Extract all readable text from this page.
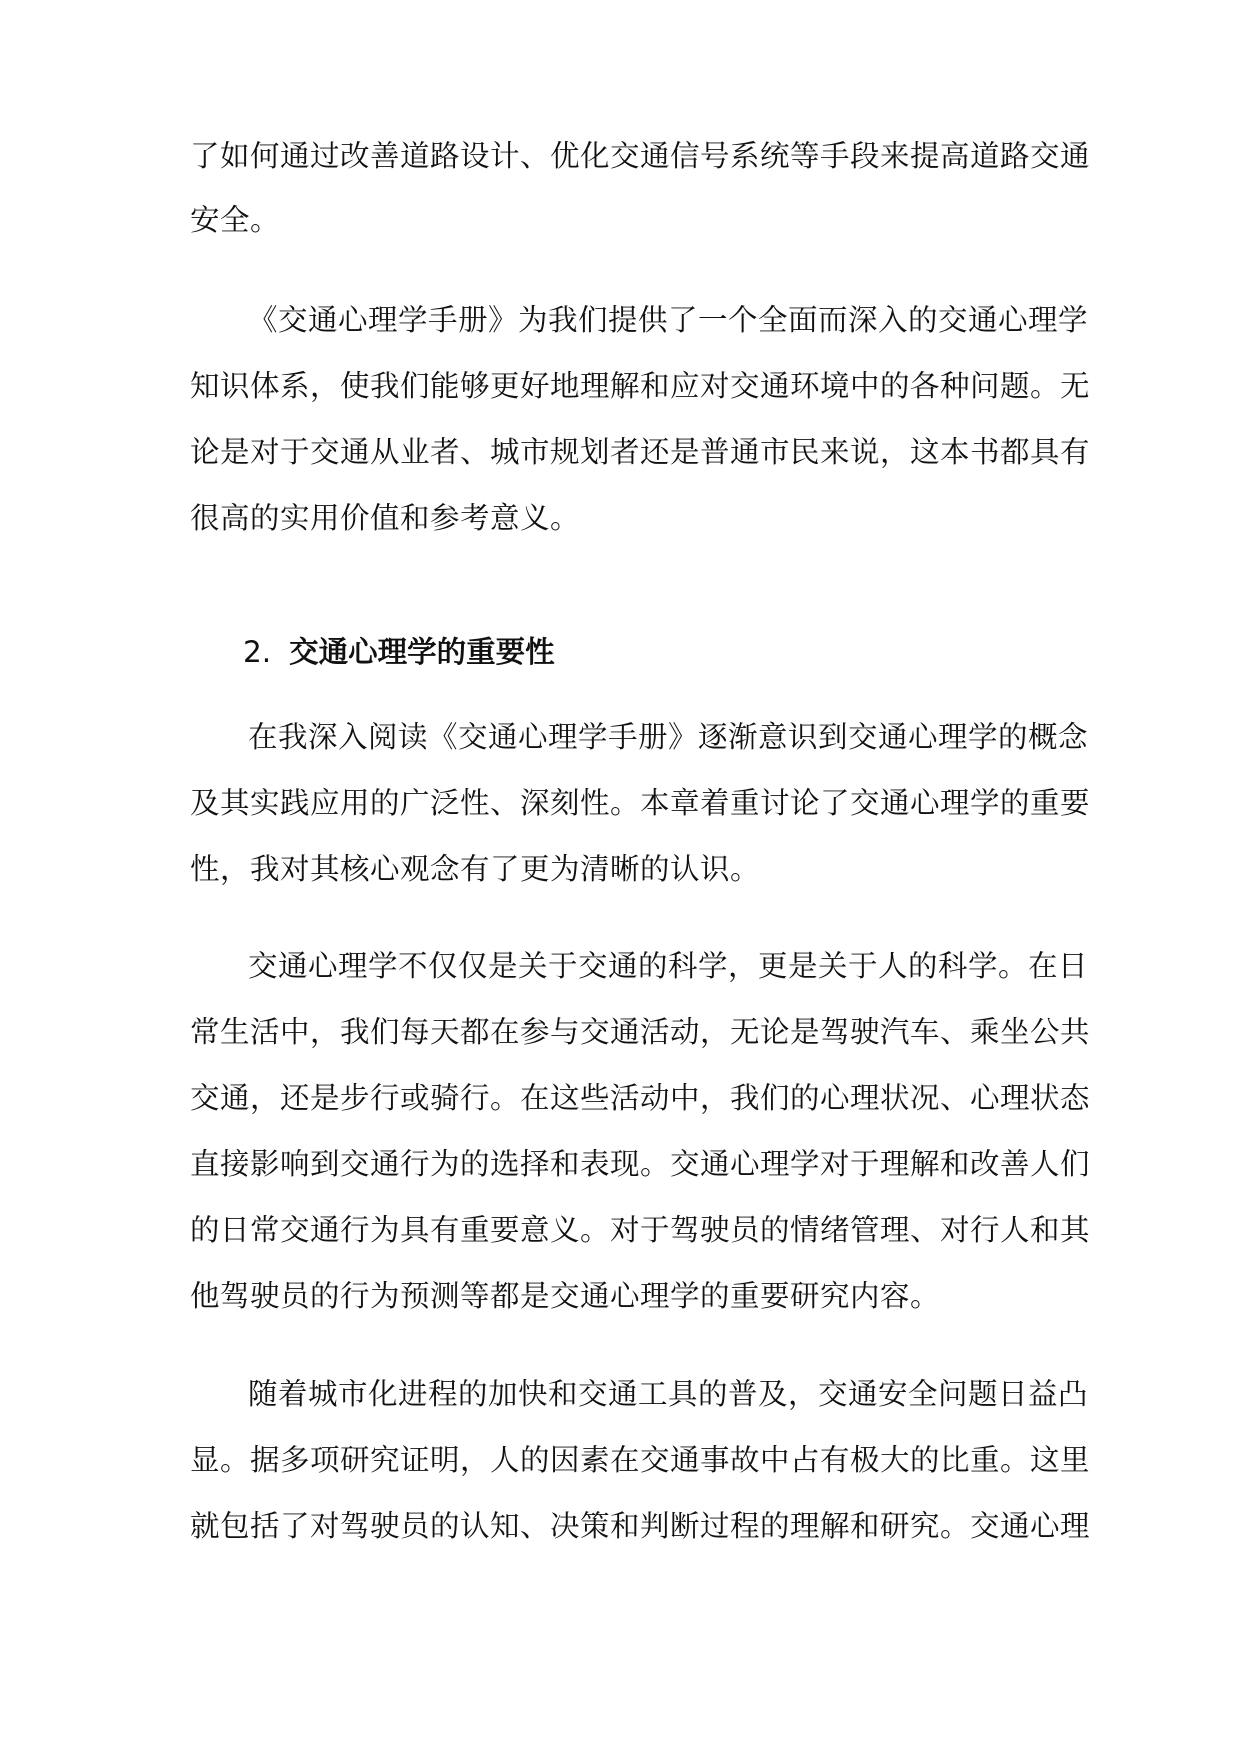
了如何通过改善道路设计、优化交通信号系统等手段来提高道路交通
安全。
《交通心理学手册》为我们提供了一个全面而深入的交通心理学
知识体系，使我们能够更好地理解和应对交通环境中的各种问题。无
论是对于交通从业者、城市规划者还是普通市民来说，这本书都具有
很高的实用价值和参考意义。
2. 交通心理学的重要性
在我深入阅读《交通心理学手册》逐渐意识到交通心理学的概念
及其实践应用的广泛性、深刻性。本章着重讨论了交通心理学的重要
性，我对其核心观念有了更为清晰的认识。
交通心理学不仅仅是关于交通的科学，更是关于人的科学。在日
常生活中，我们每天都在参与交通活动，无论是驾驶汽车、乘坐公共
交通，还是步行或骑行。在这些活动中，我们的心理状况、心理状态
直接影响到交通行为的选择和表现。交通心理学对于理解和改善人们
的日常交通行为具有重要意义。对于驾驶员的情绪管理、对行人和其
他驾驶员的行为预测等都是交通心理学的重要研究内容。
随着城市化进程的加快和交通工具的普及，交通安全问题日益凸
显。据多项研究证明，人的因素在交通事故中占有极大的比重。这里
就包括了对驾驶员的认知、决策和判断过程的理解和研究。交通心理
